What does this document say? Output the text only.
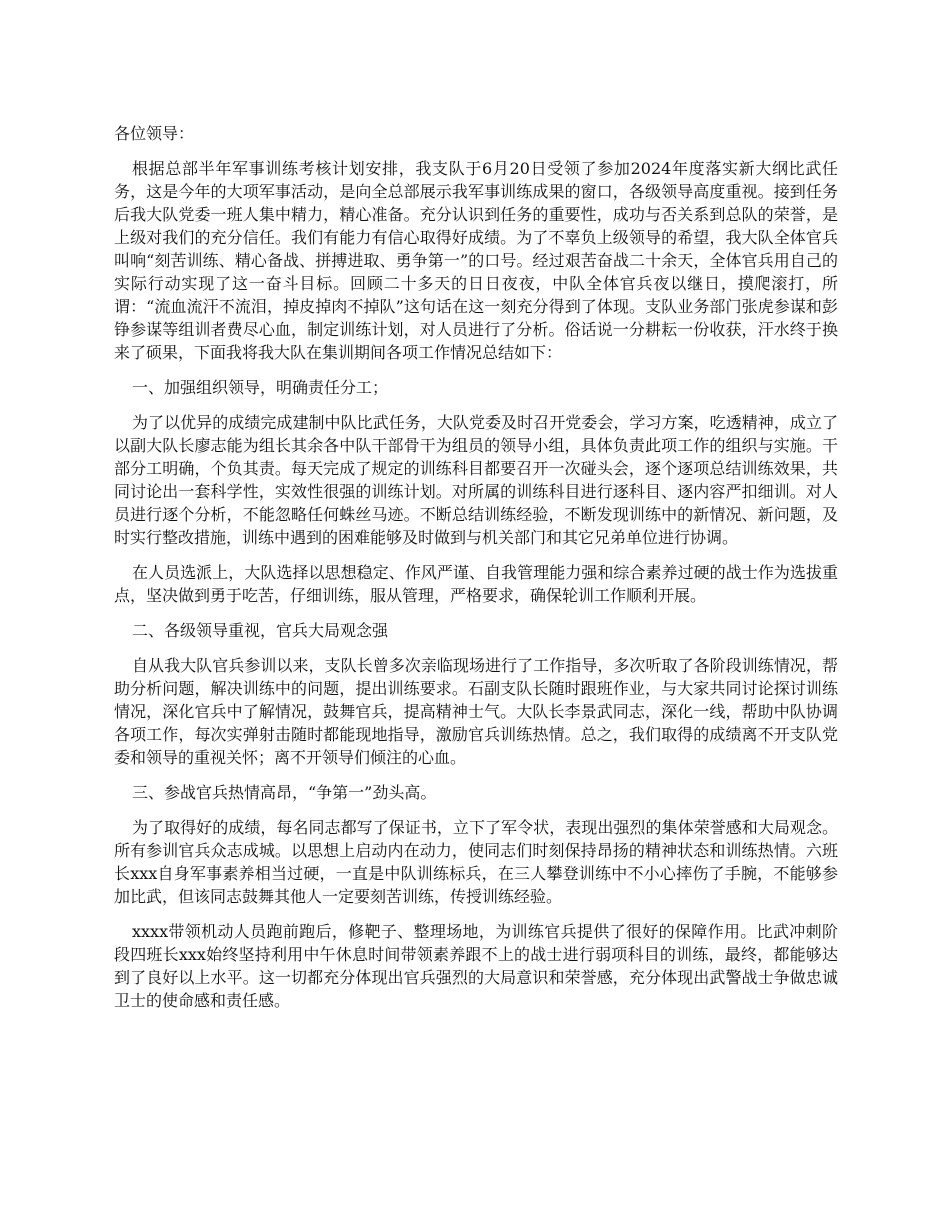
各位领导：

根据总部半年军事训练考核计划安排，我支队于6月20日受领了参加2024年度落实新大纲比武任务，这是今年的大项军事活动，是向全总部展示我军事训练成果的窗口，各级领导高度重视。接到任务后我大队党委一班人集中精力，精心准备。充分认识到任务的重要性，成功与否关系到总队的荣誉，是上级对我们的充分信任。我们有能力有信心取得好成绩。为了不辜负上级领导的希望，我大队全体官兵叫响“刻苦训练、精心备战、拼搏进取、勇争第一”的口号。经过艰苦奋战二十余天，全体官兵用自己的实际行动实现了这一奋斗目标。回顾二十多天的日日夜夜，中队全体官兵夜以继日，摸爬滚打，所谓：“流血流汗不流泪，掉皮掉肉不掉队”这句话在这一刻充分得到了体现。支队业务部门张虎参谋和彭铮参谋等组训者费尽心血，制定训练计划，对人员进行了分析。俗话说一分耕耘一份收获，汗水终于换来了硕果，下面我将我大队在集训期间各项工作情况总结如下：

一、加强组织领导，明确责任分工；

为了以优异的成绩完成建制中队比武任务，大队党委及时召开党委会，学习方案，吃透精神，成立了以副大队长廖志能为组长其余各中队干部骨干为组员的领导小组，具体负责此项工作的组织与实施。干部分工明确，个负其责。每天完成了规定的训练科目都要召开一次碰头会，逐个逐项总结训练效果，共同讨论出一套科学性，实效性很强的训练计划。对所属的训练科目进行逐科目、逐内容严扣细训。对人员进行逐个分析，不能忽略任何蛛丝马迹。不断总结训练经验，不断发现训练中的新情况、新问题，及时实行整改措施，训练中遇到的困难能够及时做到与机关部门和其它兄弟单位进行协调。

在人员选派上，大队选择以思想稳定、作风严谨、自我管理能力强和综合素养过硬的战士作为选拔重点，坚决做到勇于吃苦，仔细训练，服从管理，严格要求，确保轮训工作顺利开展。

二、各级领导重视，官兵大局观念强

自从我大队官兵参训以来，支队长曾多次亲临现场进行了工作指导，多次听取了各阶段训练情况，帮助分析问题，解决训练中的问题，提出训练要求。石副支队长随时跟班作业，与大家共同讨论探讨训练情况，深化官兵中了解情况，鼓舞官兵，提高精神士气。大队长李景武同志，深化一线，帮助中队协调各项工作，每次实弹射击随时都能现地指导，激励官兵训练热情。总之，我们取得的成绩离不开支队党委和领导的重视关怀；离不开领导们倾注的心血。

三、参战官兵热情高昂，“争第一”劲头高。

为了取得好的成绩，每名同志都写了保证书，立下了军令状，表现出强烈的集体荣誉感和大局观念。所有参训官兵众志成城。以思想上启动内在动力，使同志们时刻保持昂扬的精神状态和训练热情。六班长xxx自身军事素养相当过硬，一直是中队训练标兵，在三人攀登训练中不小心摔伤了手腕，不能够参加比武，但该同志鼓舞其他人一定要刻苦训练，传授训练经验。

xxxx带领机动人员跑前跑后，修靶子、整理场地，为训练官兵提供了很好的保障作用。比武冲刺阶段四班长xxx始终坚持利用中午休息时间带领素养跟不上的战士进行弱项科目的训练，最终，都能够达到了良好以上水平。这一切都充分体现出官兵强烈的大局意识和荣誉感，充分体现出武警战士争做忠诚卫士的使命感和责任感。
